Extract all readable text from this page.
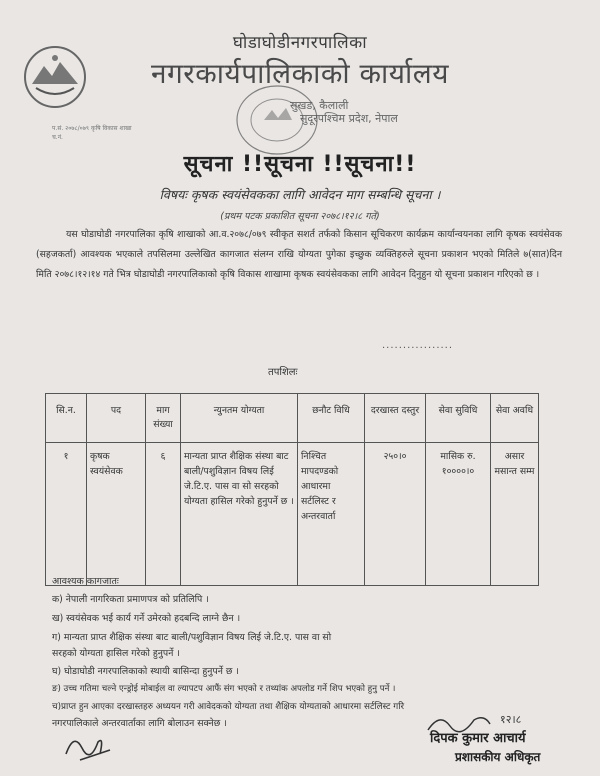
घोडाघोडीनगरपालिका
नगरकार्यपालिकाको कार्यालय
सुखड, कैलाली
सुदूरपश्चिम प्रदेश, नेपाल
प.सं. २०७८/०७९ कृषि विकास शाखा
च.नं.
सूचना !!सूचना !!सूचना!!
विषयः कृषक स्वयंसेवकका लागि आवेदन माग सम्बन्धि सूचना ।
(प्रथम पटक प्रकाशित सूचना २०७८।१२।८ गते)
यस घोडाघोडी नगरपालिका कृषि शाखाको आ.व.२०७८/०७९ स्वीकृत सशर्त तर्फको किसान सूचिकरण कार्यक्रम कार्यान्वयनका लागि कृषक स्वयंसेवक (सहजकर्ता) आवश्यक भएकाले तपसिलमा उल्लेखित कागजात संलग्न राखि योग्यता पुगेका इच्छुक व्यक्तिहरुले सूचना प्रकाशन भएको मितिले ७(सात)दिन मिति २०७८।१२।१४ गते भित्र घोडाघोडी नगरपालिकाको कृषि विकास शाखामा कृषक स्वयंसेवकका लागि आवेदन दिनुहुन यो सूचना प्रकाशन गरिएको छ ।
.................
तपशिलः
सि.न.	पद	माग संख्या	न्युनतम योग्यता	छनौट विधि	दरखास्त दस्तुर	सेवा सुविधि	सेवा अवधि
१	कृषक स्वयंसेवक	६	मान्यता प्राप्त शैक्षिक संस्था बाट बाली/पशुविज्ञान विषय लिई जे.टि.ए. पास वा सो सरहको योग्यता हासिल गरेको हुनुपर्ने छ ।	निश्चित मापदण्डको आधारमा सर्टलिस्ट र अन्तरवार्ता	२५०।०	मासिक रु. १००००।०	असार मसान्त सम्म
आवश्यक कागजातः
क) नेपाली नागरिकता प्रमाणपत्र को प्रतिलिपि ।
ख) स्वयंसेवक भई कार्य गर्ने उमेरको हदबन्दि लाग्ने छैन ।
ग) मान्यता प्राप्त शैक्षिक संस्था बाट बाली/पशुविज्ञान विषय लिई जे.टि.ए. पास वा सो
सरहको योग्यता हासिल गरेको हुनुपर्ने ।
घ) घोडाघोडी नगरपालिकाको स्थायी बासिन्दा हुनुपर्ने छ ।
ङ) उच्च गतिमा चल्ने एन्ड्रोई मोबाईल वा ल्यापटप आफैं संग भएको र तथ्यांक अपलोड गर्ने शिप भएको हुनु पर्ने ।
च)प्राप्त हुन आएका दरखास्तहरु अध्ययन गरी आवेदकको योग्यता तथा शैक्षिक योग्यताको आधारमा सर्टलिस्ट गरि
नगरपालिकाले अन्तरवार्ताका लागि बोलाउन सक्नेछ ।	१२।८
दिपक कुमार आचार्य
प्रशासकीय अधिकृत
